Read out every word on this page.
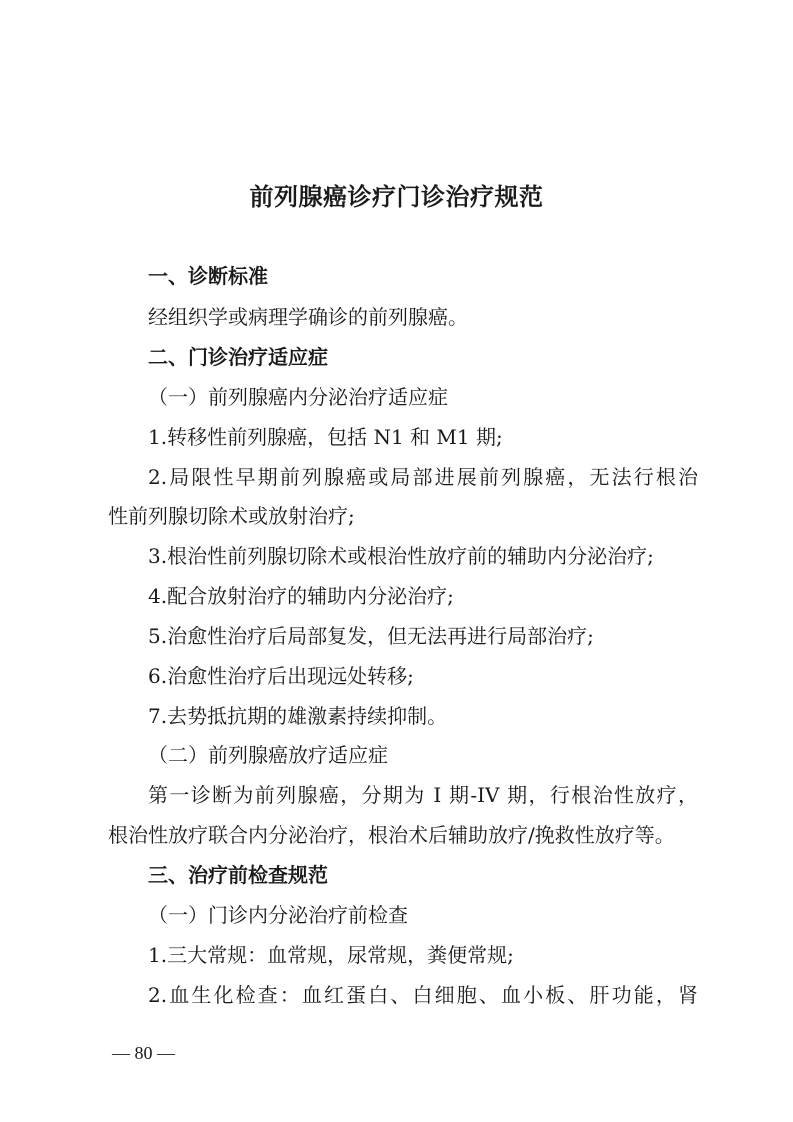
前列腺癌诊疗门诊治疗规范
一、诊断标准
经组织学或病理学确诊的前列腺癌。
二、门诊治疗适应症
（一）前列腺癌内分泌治疗适应症
1.转移性前列腺癌，包括 N1 和 M1 期;
2.局限性早期前列腺癌或局部进展前列腺癌，无法行根治
性前列腺切除术或放射治疗;
3.根治性前列腺切除术或根治性放疗前的辅助内分泌治疗;
4.配合放射治疗的辅助内分泌治疗;
5.治愈性治疗后局部复发，但无法再进行局部治疗;
6.治愈性治疗后出现远处转移;
7.去势抵抗期的雄激素持续抑制。
（二）前列腺癌放疗适应症
第一诊断为前列腺癌，分期为 I 期-IV 期，行根治性放疗，
根治性放疗联合内分泌治疗，根治术后辅助放疗/挽救性放疗等。
三、治疗前检查规范
（一）门诊内分泌治疗前检查
1.三大常规：血常规，尿常规，粪便常规;
2.血生化检查：血红蛋白、白细胞、血小板、肝功能，肾
— 80 —
